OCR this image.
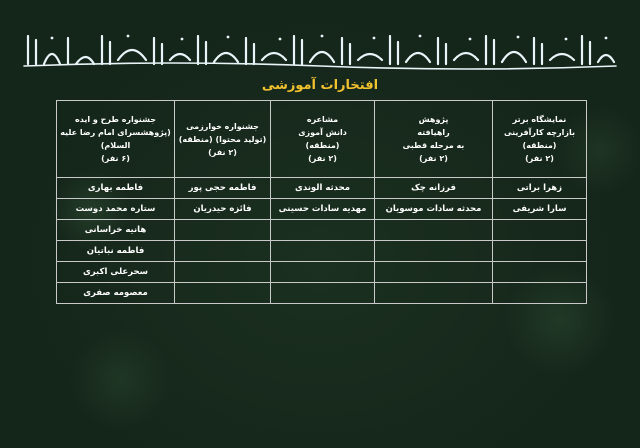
افتخارات آموزشی
نمایشگاه برتر
بازارچه کارآفرینی
(منطقه)
(۲ نفر)	پژوهش
راهیافته
به مرحله قطبی
(۲ نفر)	مشاعره
دانش آموزی
(منطقه)
(۲ نفر)	جشنواره خوارزمی
(تولید محتوا) (منطقه)
(۲ نفر)	جشنواره طرح و ایده
(پژوهشسرای امام رضا علیه
السلام)
(۶ نفر)

زهرا براتی	فرزانه چک	محدثه الوندی	فاطمه حجی پور	فاطمه بهاری
سارا شریفی	محدثه سادات موسویان	مهدیه سادات حسینی	فائزه حیدریان	ستاره محمد دوست
				هانیه خراسانی
				فاطمه نباتیان
				سحرعلی اکبری
				معصومه صفری
